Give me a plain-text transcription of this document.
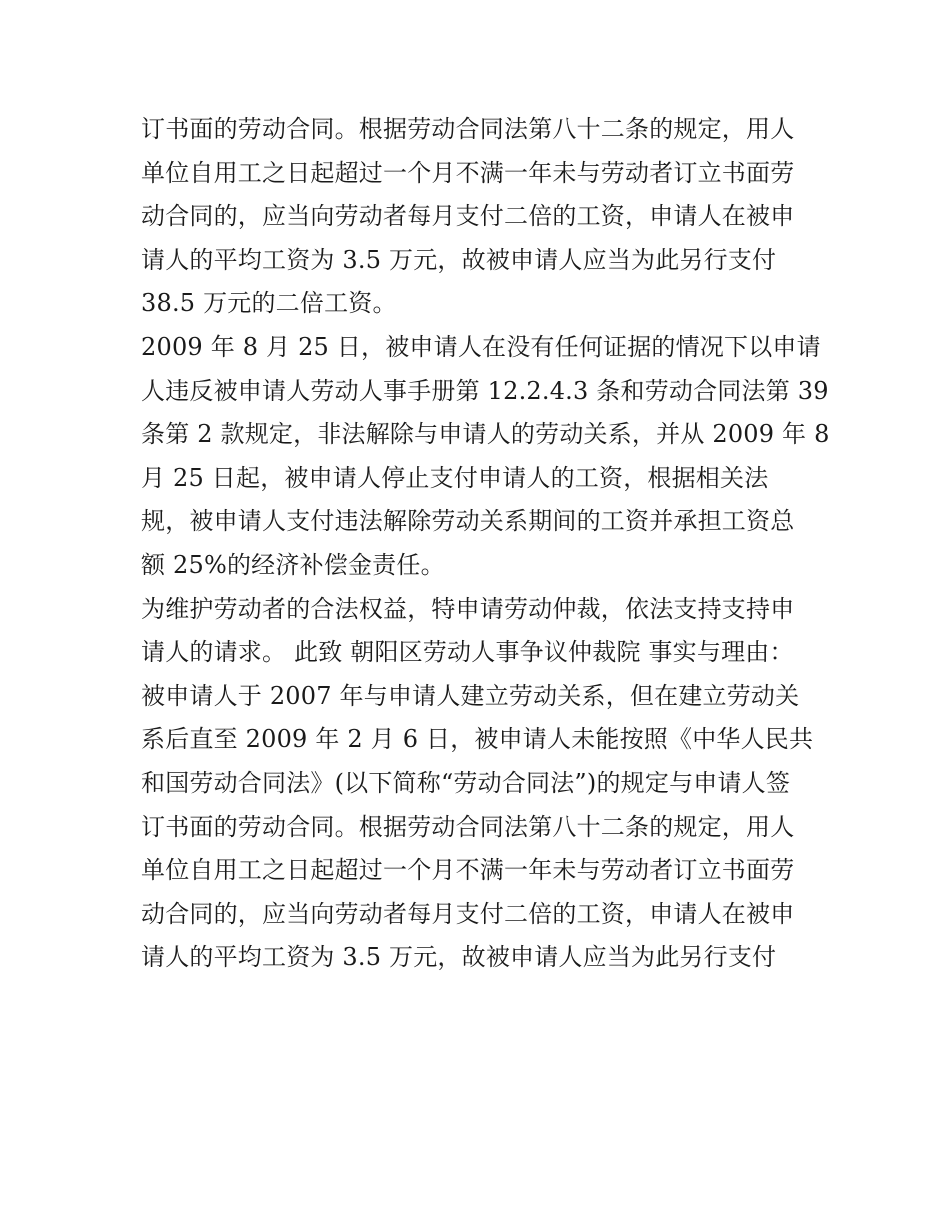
订书面的劳动合同。根据劳动合同法第八十二条的规定，用人
单位自用工之日起超过一个月不满一年未与劳动者订立书面劳
动合同的，应当向劳动者每月支付二倍的工资，申请人在被申
请人的平均工资为 3.5 万元，故被申请人应当为此另行支付
38.5 万元的二倍工资。
2009 年 8 月 25 日，被申请人在没有任何证据的情况下以申请
人违反被申请人劳动人事手册第 12.2.4.3 条和劳动合同法第 39
条第 2 款规定，非法解除与申请人的劳动关系，并从 2009 年 8
月 25 日起，被申请人停止支付申请人的工资，根据相关法
规，被申请人支付违法解除劳动关系期间的工资并承担工资总
额 25%的经济补偿金责任。
为维护劳动者的合法权益，特申请劳动仲裁，依法支持支持申
请人的请求。 此致 朝阳区劳动人事争议仲裁院 事实与理由：
被申请人于 2007 年与申请人建立劳动关系，但在建立劳动关
系后直至 2009 年 2 月 6 日，被申请人未能按照《中华人民共
和国劳动合同法》(以下简称“劳动合同法”)的规定与申请人签
订书面的劳动合同。根据劳动合同法第八十二条的规定，用人
单位自用工之日起超过一个月不满一年未与劳动者订立书面劳
动合同的，应当向劳动者每月支付二倍的工资，申请人在被申
请人的平均工资为 3.5 万元，故被申请人应当为此另行支付
